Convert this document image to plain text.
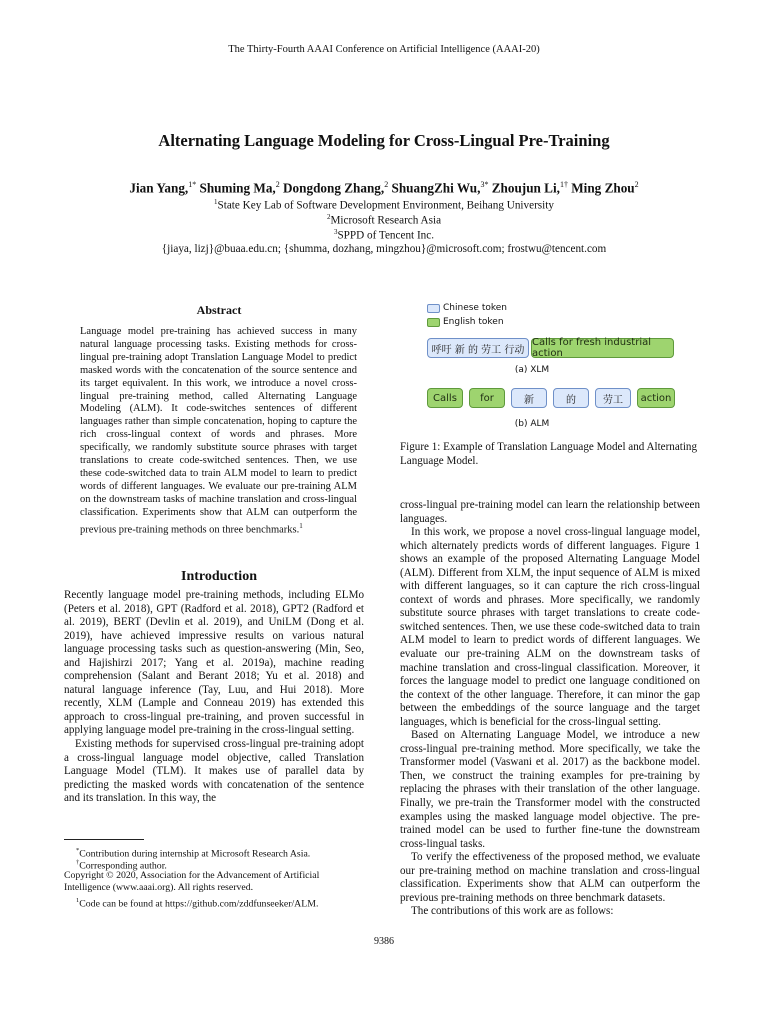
The Thirty-Fourth AAAI Conference on Artificial Intelligence (AAAI-20)
Alternating Language Modeling for Cross-Lingual Pre-Training
Jian Yang,$^{1*}$ Shuming Ma,$^2$ Dongdong Zhang,$^2$ ShuangZhi Wu,$^{3*}$ Zhoujun Li,$^{1\dagger}$ Ming Zhou$^2$
$^1$State Key Lab of Software Development Environment, Beihang University
$^2$Microsoft Research Asia
$^3$SPPD of Tencent Inc.
{jiaya, lizj}@buaa.edu.cn; {shumma, dozhang, mingzhou}@microsoft.com; frostwu@tencent.com
Abstract
Language model pre-training has achieved success in many natural language processing tasks. Existing methods for cross-lingual pre-training adopt Translation Language Model to predict masked words with the concatenation of the source sentence and its target equivalent. In this work, we introduce a novel cross-lingual pre-training method, called Alternating Language Modeling (ALM). It code-switches sentences of different languages rather than simple concatenation, hoping to capture the rich cross-lingual context of words and phrases. More specifically, we randomly substitute source phrases with target translations to create code-switched sentences. Then, we use these code-switched data to train ALM model to learn to predict words of different languages. We evaluate our pre-training ALM on the downstream tasks of machine translation and cross-lingual classification. Experiments show that ALM can outperform the previous pre-training methods on three benchmarks.$^1$
Introduction

Recently language model pre-training methods, including ELMo (Peters et al. 2018), GPT (Radford et al. 2018), GPT2 (Radford et al. 2019), BERT (Devlin et al. 2019), and UniLM (Dong et al. 2019), have achieved impressive results on various natural language processing tasks such as question-answering (Min, Seo, and Hajishirzi 2017; Yang et al. 2019a), machine reading comprehension (Salant and Berant 2018; Yu et al. 2018) and natural language inference (Tay, Luu, and Hui 2018). More recently, XLM (Lample and Conneau 2019) has extended this approach to cross-lingual pre-training, and proven successful in applying language model pre-training in the cross-lingual setting.

Existing methods for supervised cross-lingual pre-training adopt a cross-lingual language model objective, called Translation Language Model (TLM). It makes use of parallel data by predicting the masked words with concatenation of the sentence and its translation. In this way, the

*Contribution during internship at Microsoft Research Asia.
†Corresponding author.
Copyright © 2020, Association for the Advancement of Artificial Intelligence (www.aaai.org). All rights reserved.
$^1$Code can be found at https://github.com/zddfunseeker/ALM.
Chinese token
English token
呼吁 新 的 劳工 行动
Calls for fresh industrial action
(a) XLM
Calls	for	新	的	劳工	action
(b) ALM
Figure 1: Example of Translation Language Model and Alternating Language Model.

cross-lingual pre-training model can learn the relationship between languages.

In this work, we propose a novel cross-lingual language model, which alternately predicts words of different languages. Figure 1 shows an example of the proposed Alternating Language Model (ALM). Different from XLM, the input sequence of ALM is mixed with different languages, so it can capture the rich cross-lingual context of words and phrases. More specifically, we randomly substitute source phrases with target translations to create code-switched sentences. Then, we use these code-switched data to train ALM model to learn to predict words of different languages. We evaluate our pre-training ALM on the downstream tasks of machine translation and cross-lingual classification. Moreover, it forces the language model to predict one language conditioned on the context of the other language. Therefore, it can minor the gap between the embeddings of the source language and the target languages, which is beneficial for the cross-lingual setting.

Based on Alternating Language Model, we introduce a new cross-lingual pre-training method. More specifically, we take the Transformer model (Vaswani et al. 2017) as the backbone model. Then, we construct the training examples for pre-training by replacing the phrases with their translation of the other language. Finally, we pre-train the Transformer model with the constructed examples using the masked language model objective. The pre-trained model can be used to further fine-tune the downstream cross-lingual tasks.

To verify the effectiveness of the proposed method, we evaluate our pre-training method on machine translation and cross-lingual classification. Experiments show that ALM can outperform the previous pre-training methods on three benchmark datasets.

The contributions of this work are as follows:

9386
